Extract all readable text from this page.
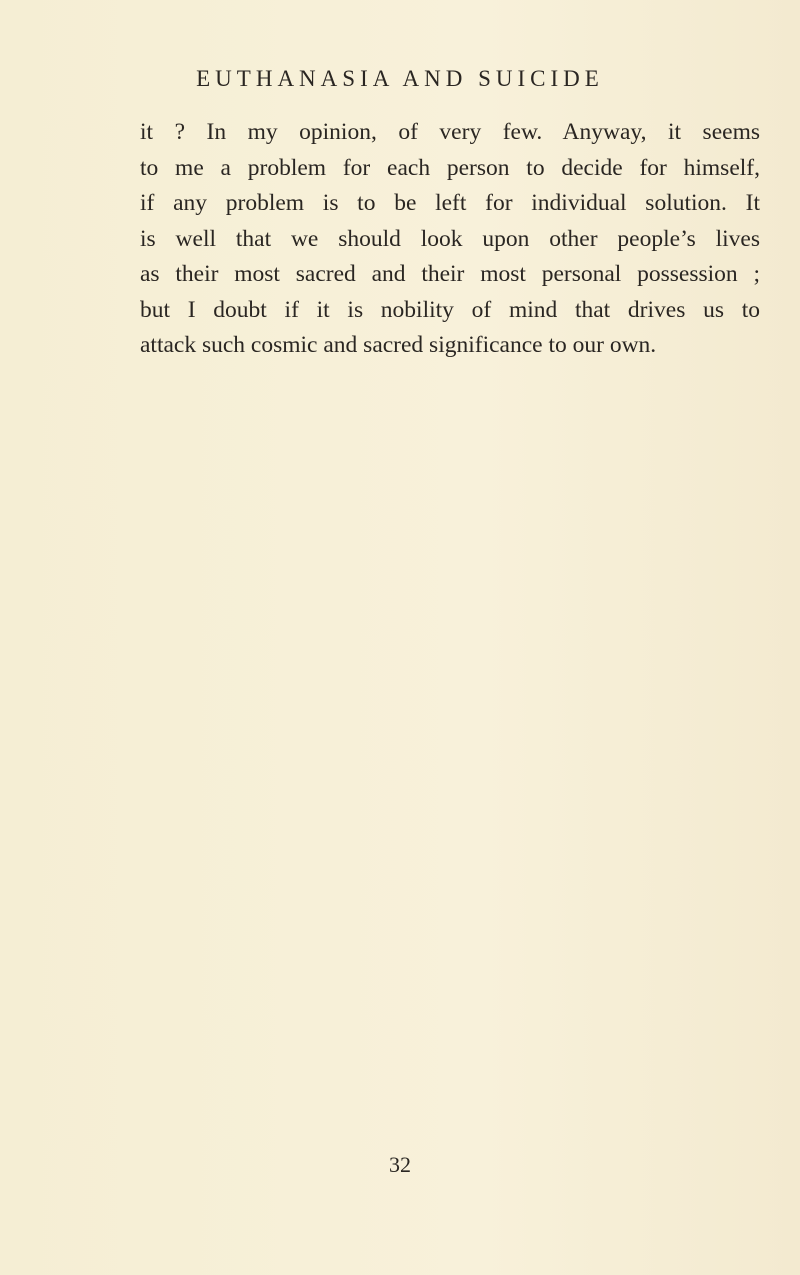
EUTHANASIA AND SUICIDE
it ? In my opinion, of very few. Anyway, it seems
to me a problem for each person to decide for himself,
if any problem is to be left for individual solution. It
is well that we should look upon other people’s lives
as their most sacred and their most personal possession ;
but I doubt if it is nobility of mind that drives us to
attack such cosmic and sacred significance to our own.
32
